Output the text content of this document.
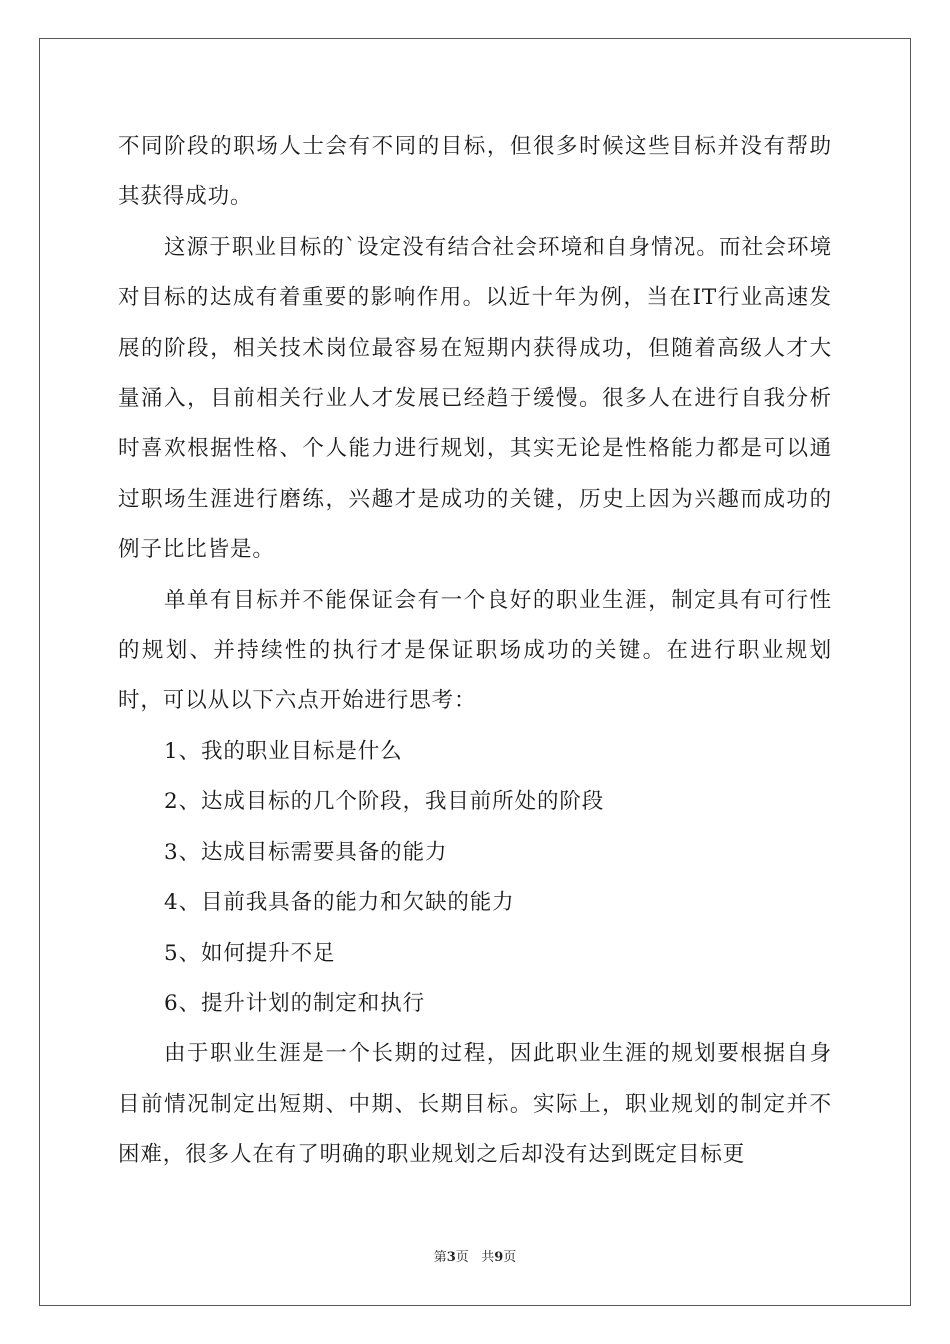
不同阶段的职场人士会有不同的目标，但很多时候这些目标并没有帮助其获得成功。

这源于职业目标的`设定没有结合社会环境和自身情况。而社会环境对目标的达成有着重要的影响作用。以近十年为例，当在IT行业高速发展的阶段，相关技术岗位最容易在短期内获得成功，但随着高级人才大量涌入，目前相关行业人才发展已经趋于缓慢。很多人在进行自我分析时喜欢根据性格、个人能力进行规划，其实无论是性格能力都是可以通过职场生涯进行磨练，兴趣才是成功的关键，历史上因为兴趣而成功的例子比比皆是。

单单有目标并不能保证会有一个良好的职业生涯，制定具有可行性的规划、并持续性的执行才是保证职场成功的关键。在进行职业规划时，可以从以下六点开始进行思考：

1、我的职业目标是什么

2、达成目标的几个阶段，我目前所处的阶段

3、达成目标需要具备的能力

4、目前我具备的能力和欠缺的能力

5、如何提升不足

6、提升计划的制定和执行

由于职业生涯是一个长期的过程，因此职业生涯的规划要根据自身目前情况制定出短期、中期、长期目标。实际上，职业规划的制定并不困难，很多人在有了明确的职业规划之后却没有达到既定目标更

第3页 共9页
